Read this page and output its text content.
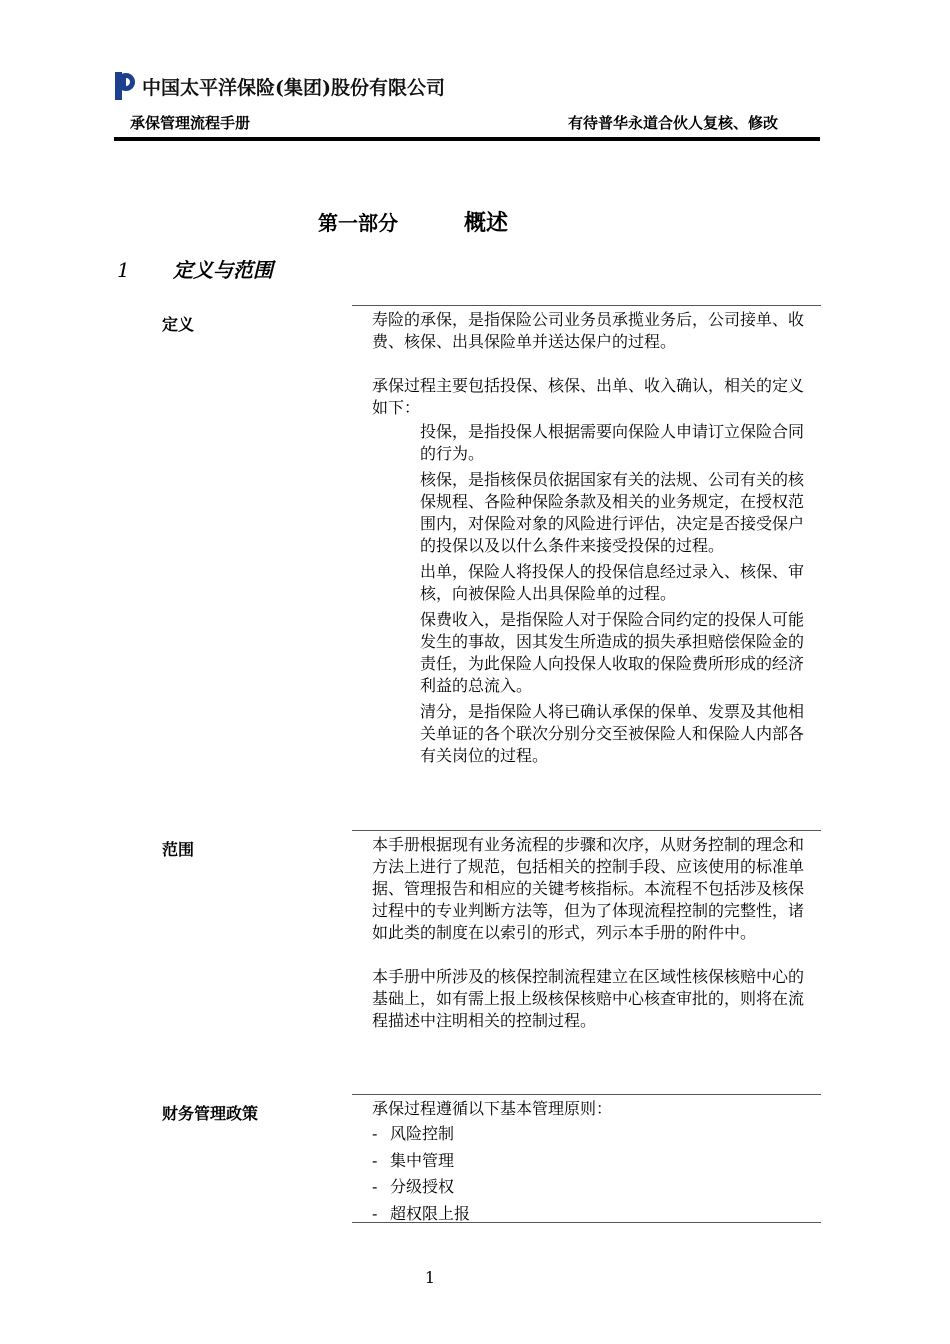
中国太平洋保险(集团)股份有限公司
承保管理流程手册	有待普华永道合伙人复核、修改
第一部分	概述
1 定义与范围
定义	寿险的承保，是指保险公司业务员承揽业务后，公司接单、收费、核保、出具保险单并送达保户的过程。

承保过程主要包括投保、核保、出单、收入确认，相关的定义如下：

投保，是指投保人根据需要向保险人申请订立保险合同的行为。

核保，是指核保员依据国家有关的法规、公司有关的核保规程、各险种保险条款及相关的业务规定，在授权范围内，对保险对象的风险进行评估，决定是否接受保户的投保以及以什么条件来接受投保的过程。

出单，保险人将投保人的投保信息经过录入、核保、审核，向被保险人出具保险单的过程。

保费收入，是指保险人对于保险合同约定的投保人可能发生的事故，因其发生所造成的损失承担赔偿保险金的责任，为此保险人向投保人收取的保险费所形成的经济利益的总流入。

清分，是指保险人将已确认承保的保单、发票及其他相关单证的各个联次分别分交至被保险人和保险人内部各有关岗位的过程。

范围	本手册根据现有业务流程的步骤和次序，从财务控制的理念和方法上进行了规范，包括相关的控制手段、应该使用的标准单据、管理报告和相应的关键考核指标。本流程不包括涉及核保过程中的专业判断方法等，但为了体现流程控制的完整性，诸如此类的制度在以索引的形式，列示本手册的附件中。

本手册中所涉及的核保控制流程建立在区域性核保核赔中心的基础上，如有需上报上级核保核赔中心核查审批的，则将在流程描述中注明相关的控制过程。

财务管理政策	承保过程遵循以下基本管理原则：
- 风险控制
- 集中管理
- 分级授权
- 超权限上报
1
